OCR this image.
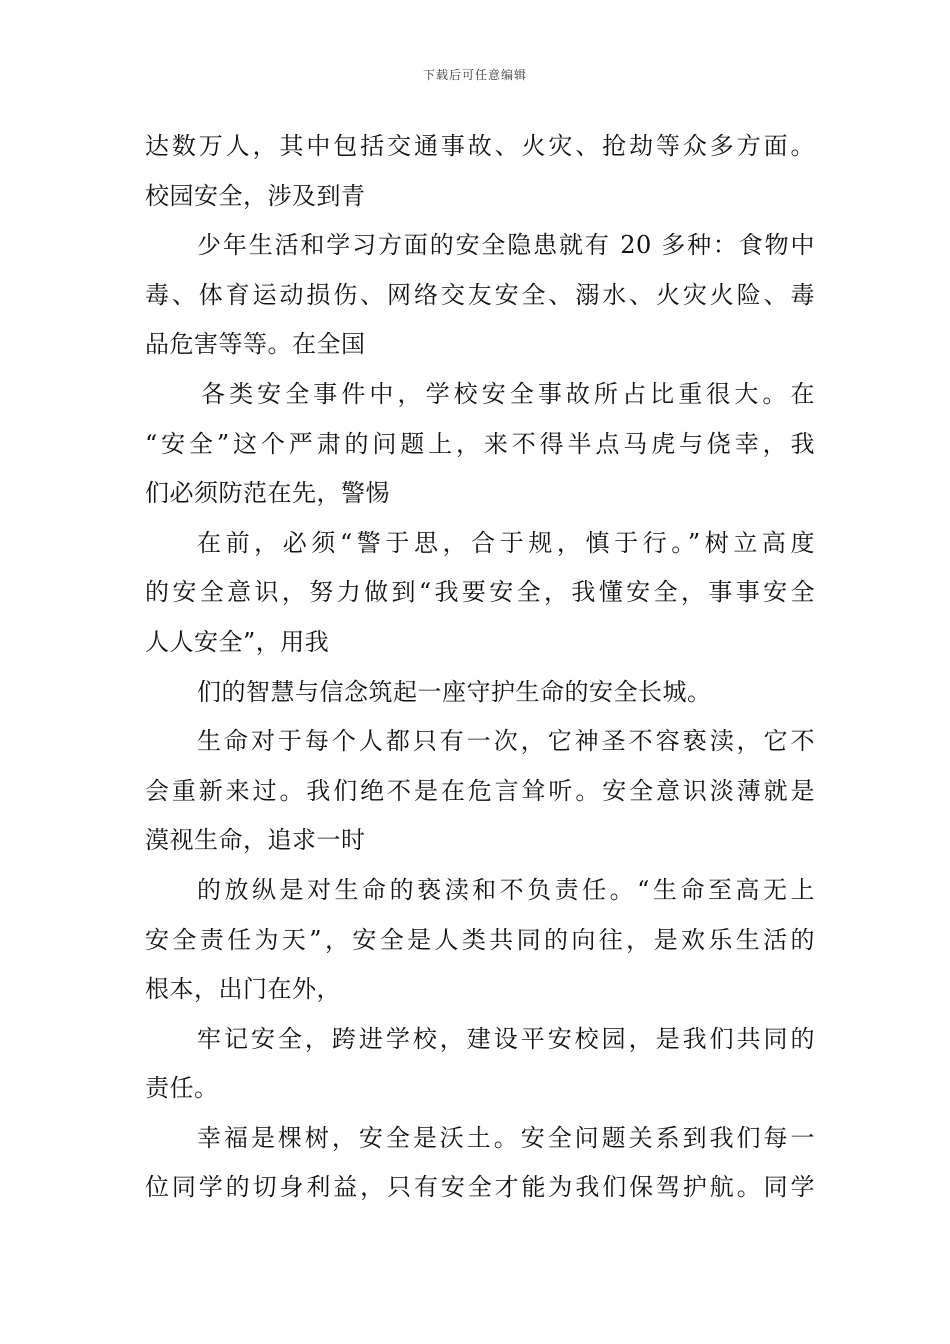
下载后可任意编辑
达数万人，其中包括交通事故、火灾、抢劫等众多方面。
校园安全，涉及到青
少年生活和学习方面的安全隐患就有 20 多种：食物中
毒、体育运动损伤、网络交友安全、溺水、火灾火险、毒
品危害等等。在全国
各类安全事件中，学校安全事故所占比重很大。在
“安全”这个严肃的问题上，来不得半点马虎与侥幸，我
们必须防范在先，警惕
在前，必须“警于思，合于规，慎于行。”树立高度
的安全意识，努力做到“我要安全，我懂安全，事事安全
人人安全”，用我
们的智慧与信念筑起一座守护生命的安全长城。
生命对于每个人都只有一次，它神圣不容亵渎，它不
会重新来过。我们绝不是在危言耸听。安全意识淡薄就是
漠视生命，追求一时
的放纵是对生命的亵渎和不负责任。“生命至高无上
安全责任为天”，安全是人类共同的向往，是欢乐生活的
根本，出门在外，
牢记安全，跨进学校，建设平安校园，是我们共同的
责任。
幸福是棵树，安全是沃土。安全问题关系到我们每一
位同学的切身利益，只有安全才能为我们保驾护航。同学
